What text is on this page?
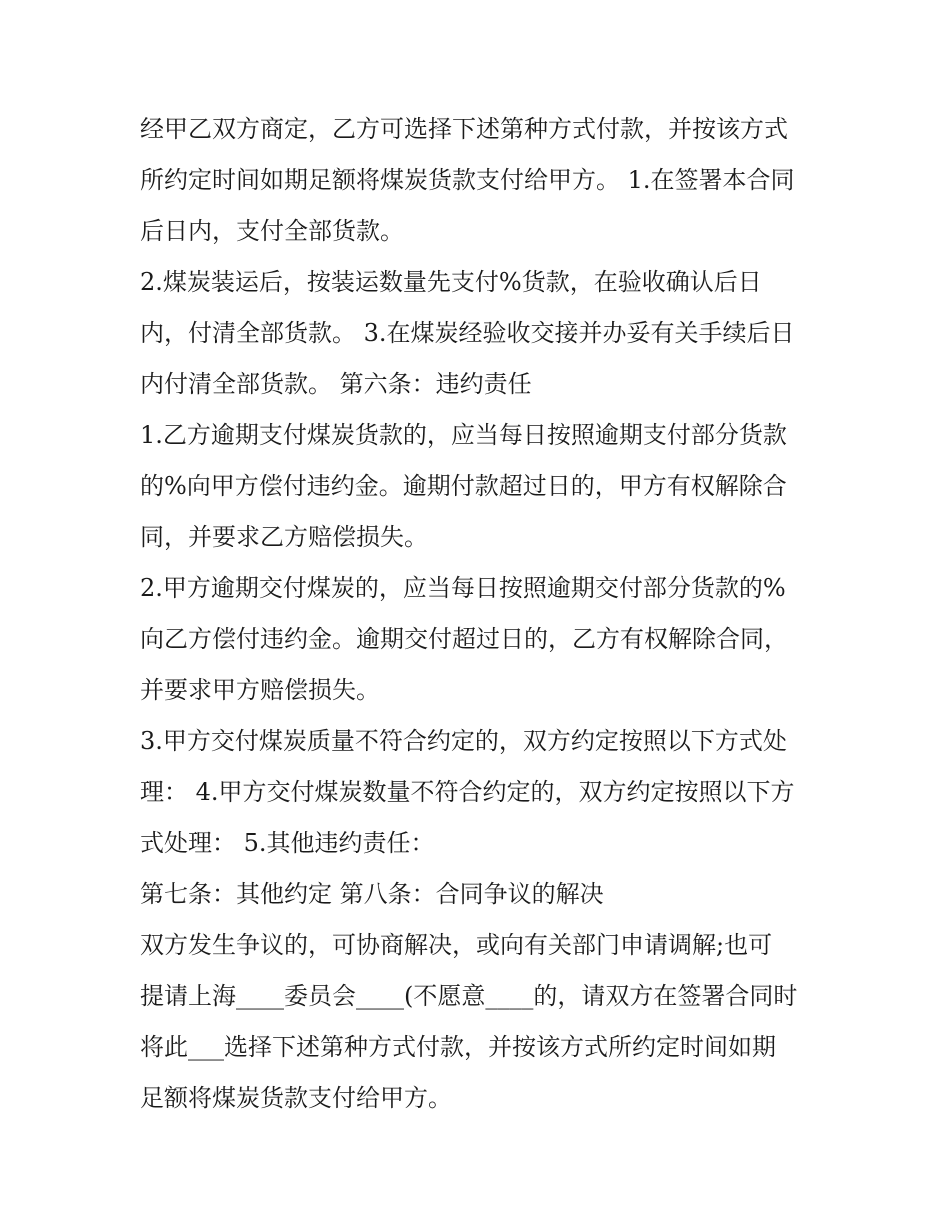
经甲乙双方商定，乙方可选择下述第种方式付款，并按该方式
所约定时间如期足额将煤炭货款支付给甲方。 1.在签署本合同
后日内，支付全部货款。
2.煤炭装运后，按装运数量先支付%货款，在验收确认后日
内，付清全部货款。 3.在煤炭经验收交接并办妥有关手续后日
内付清全部货款。 第六条：违约责任
1.乙方逾期支付煤炭货款的，应当每日按照逾期支付部分货款
的%向甲方偿付违约金。逾期付款超过日的，甲方有权解除合
同，并要求乙方赔偿损失。
2.甲方逾期交付煤炭的，应当每日按照逾期交付部分货款的%
向乙方偿付违约金。逾期交付超过日的，乙方有权解除合同，
并要求甲方赔偿损失。
3.甲方交付煤炭质量不符合约定的，双方约定按照以下方式处
理： 4.甲方交付煤炭数量不符合约定的，双方约定按照以下方
式处理： 5.其他违约责任：
第七条：其他约定 第八条：合同争议的解决
双方发生争议的，可协商解决，或向有关部门申请调解;也可
提请上海____委员会____(不愿意____的，请双方在签署合同时
将此___选择下述第种方式付款，并按该方式所约定时间如期
足额将煤炭货款支付给甲方。
